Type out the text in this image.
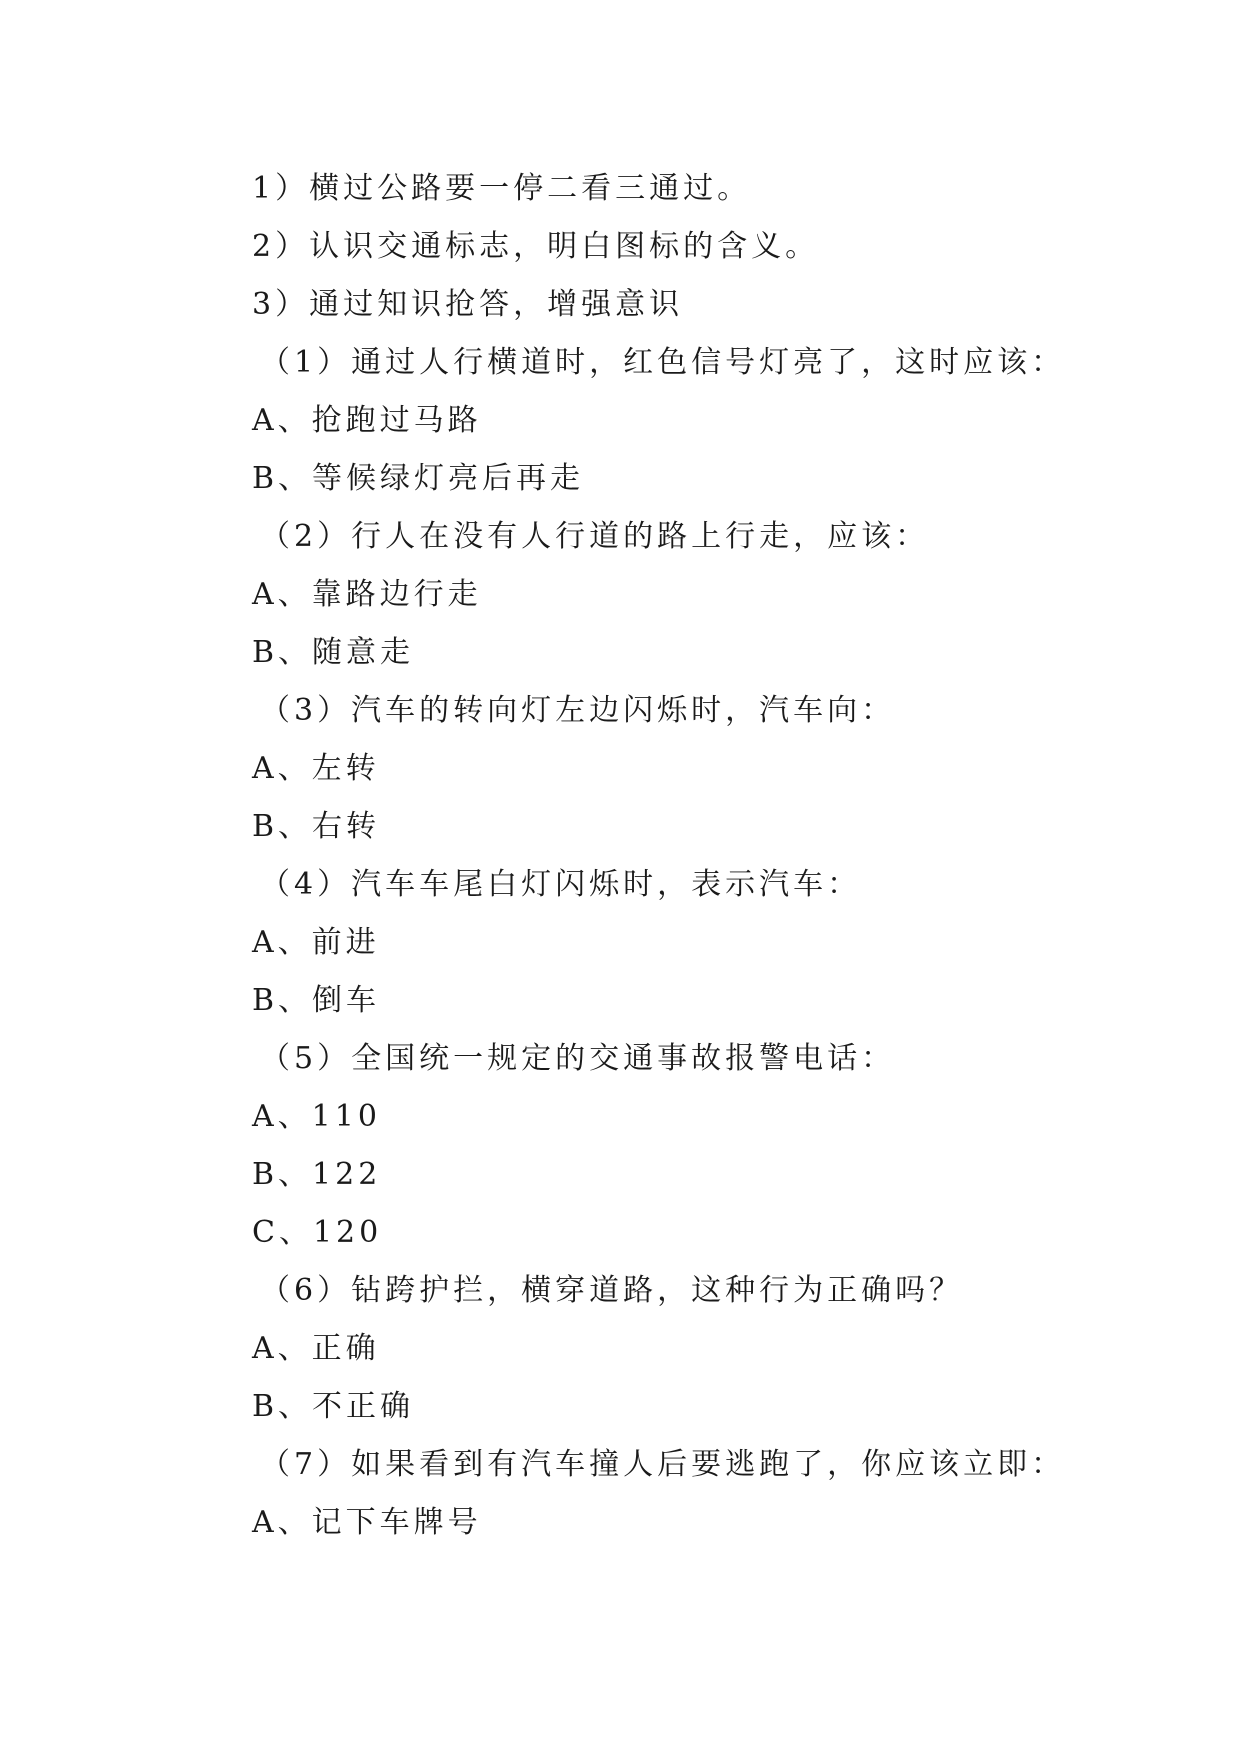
1）横过公路要一停二看三通过。
2）认识交通标志，明白图标的含义。
3）通过知识抢答，增强意识
（1）通过人行横道时，红色信号灯亮了，这时应该：
A、抢跑过马路
B、等候绿灯亮后再走
（2）行人在没有人行道的路上行走，应该：
A、靠路边行走
B、随意走
（3）汽车的转向灯左边闪烁时，汽车向：
A、左转
B、右转
（4）汽车车尾白灯闪烁时，表示汽车：
A、前进
B、倒车
（5）全国统一规定的交通事故报警电话：
A、110
B、122
C、120
（6）钻跨护拦，横穿道路，这种行为正确吗？
A、正确
B、不正确
（7）如果看到有汽车撞人后要逃跑了，你应该立即：
A、记下车牌号
